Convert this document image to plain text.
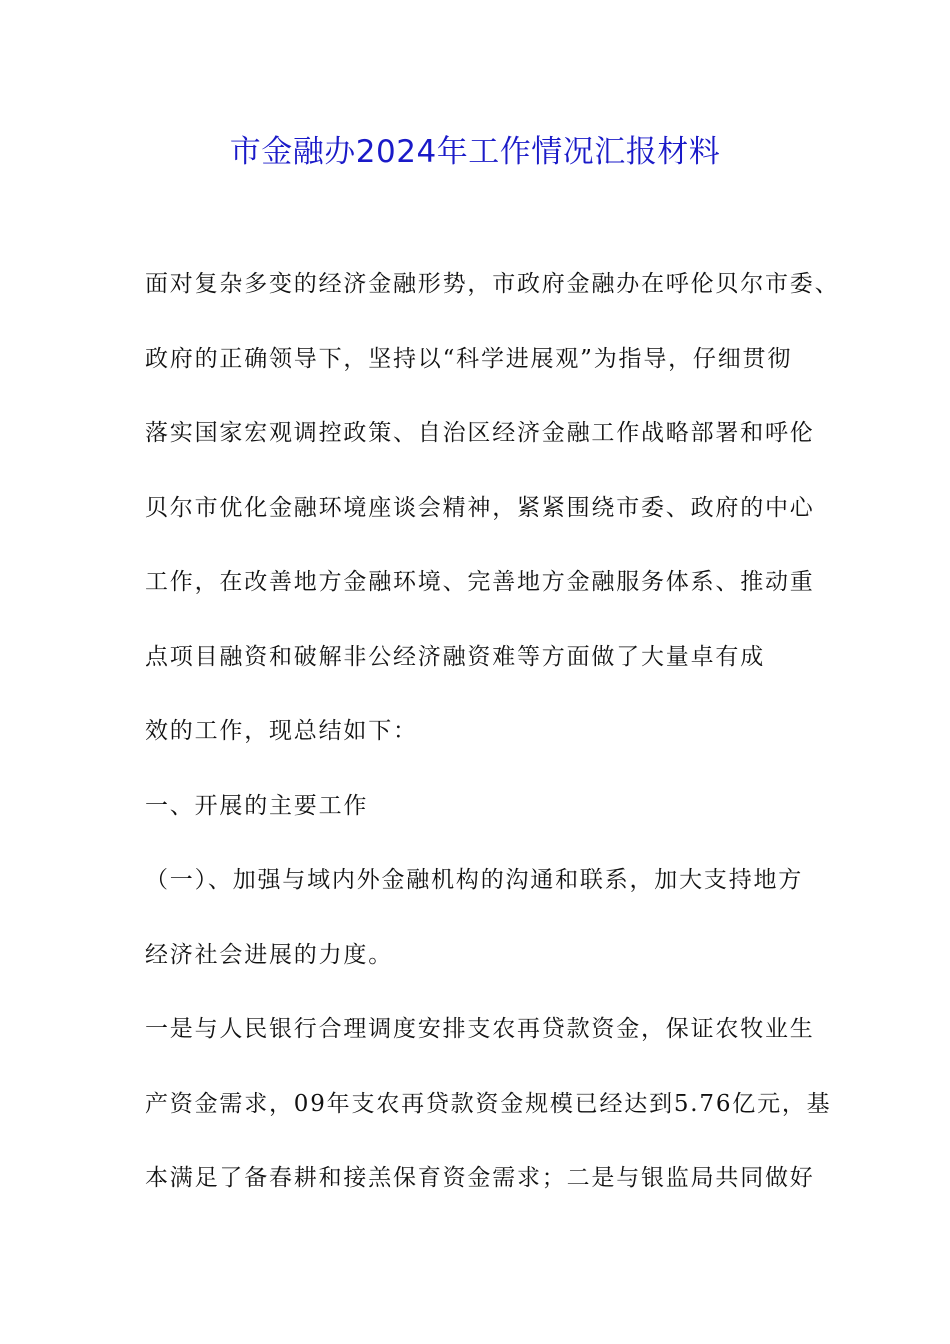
市金融办2024年工作情况汇报材料
面对复杂多变的经济金融形势，市政府金融办在呼伦贝尔市委、
政府的正确领导下，坚持以“科学进展观”为指导，仔细贯彻
落实国家宏观调控政策、自治区经济金融工作战略部署和呼伦
贝尔市优化金融环境座谈会精神，紧紧围绕市委、政府的中心
工作，在改善地方金融环境、完善地方金融服务体系、推动重
点项目融资和破解非公经济融资难等方面做了大量卓有成
效的工作，现总结如下：
一、开展的主要工作
（一）、加强与域内外金融机构的沟通和联系，加大支持地方
经济社会进展的力度。
一是与人民银行合理调度安排支农再贷款资金，保证农牧业生
产资金需求，09年支农再贷款资金规模已经达到5.76亿元，基
本满足了备春耕和接羔保育资金需求；二是与银监局共同做好
